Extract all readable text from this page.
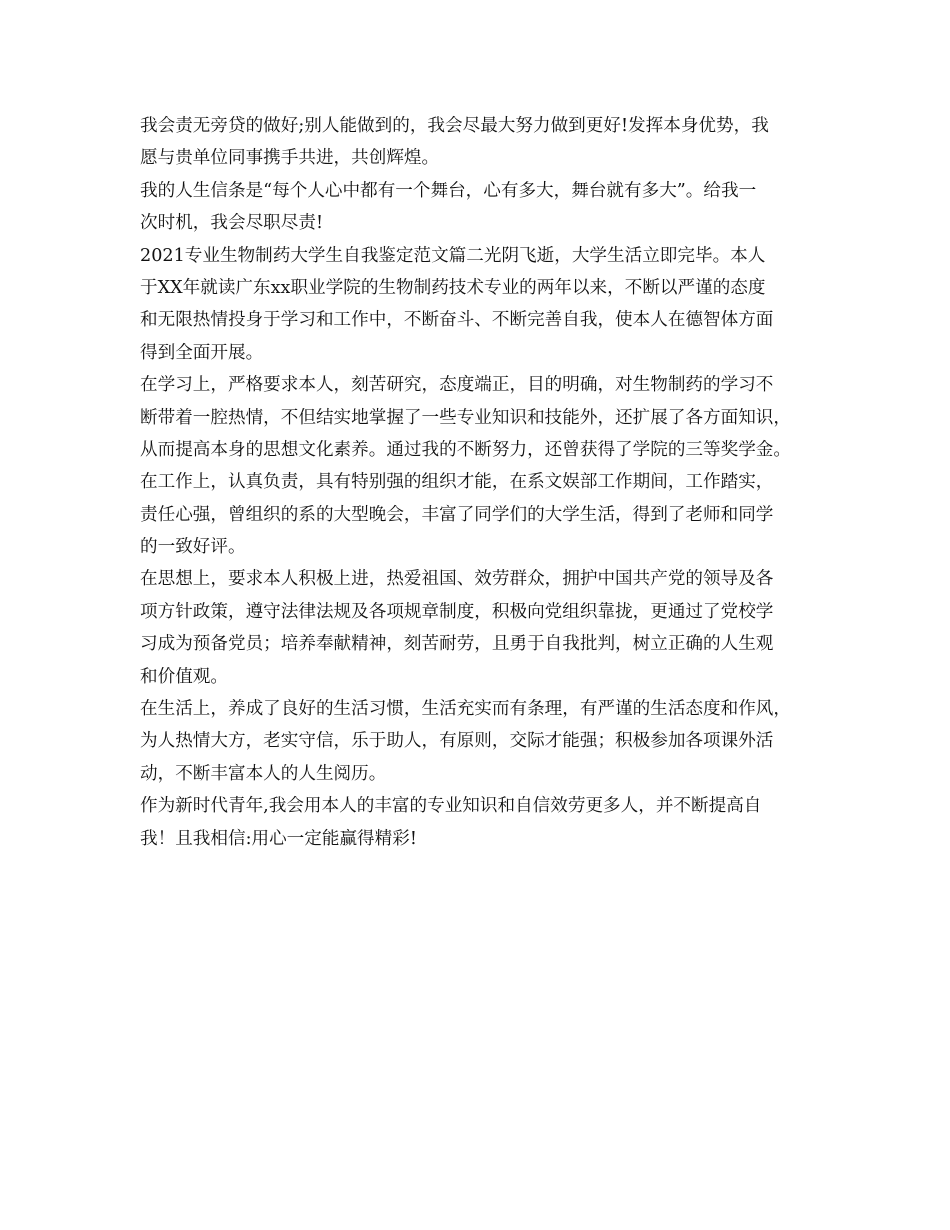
我会责无旁贷的做好;别人能做到的，我会尽最大努力做到更好!发挥本身优势，我
愿与贵单位同事携手共进，共创辉煌。

我的人生信条是“每个人心中都有一个舞台，心有多大，舞台就有多大”。给我一
次时机，我会尽职尽责!

2021专业生物制药大学生自我鉴定范文篇二光阴飞逝，大学生活立即完毕。本人
于XX年就读广东xx职业学院的生物制药技术专业的两年以来，不断以严谨的态度
和无限热情投身于学习和工作中，不断奋斗、不断完善自我，使本人在德智体方面
得到全面开展。

在学习上，严格要求本人，刻苦研究，态度端正，目的明确，对生物制药的学习不
断带着一腔热情，不但结实地掌握了一些专业知识和技能外，还扩展了各方面知识，
从而提高本身的思想文化素养。通过我的不断努力，还曾获得了学院的三等奖学金。

在工作上，认真负责，具有特别强的组织才能，在系文娱部工作期间，工作踏实，
责任心强，曾组织的系的大型晚会，丰富了同学们的大学生活，得到了老师和同学
的一致好评。

在思想上，要求本人积极上进，热爱祖国、效劳群众，拥护中国共产党的领导及各
项方针政策，遵守法律法规及各项规章制度，积极向党组织靠拢，更通过了党校学
习成为预备党员；培养奉献精神，刻苦耐劳，且勇于自我批判，树立正确的人生观
和价值观。

在生活上，养成了良好的生活习惯，生活充实而有条理，有严谨的生活态度和作风，
为人热情大方，老实守信，乐于助人，有原则，交际才能强；积极参加各项课外活
动，不断丰富本人的人生阅历。

作为新时代青年,我会用本人的丰富的专业知识和自信效劳更多人，并不断提高自
我！且我相信:用心一定能赢得精彩!
